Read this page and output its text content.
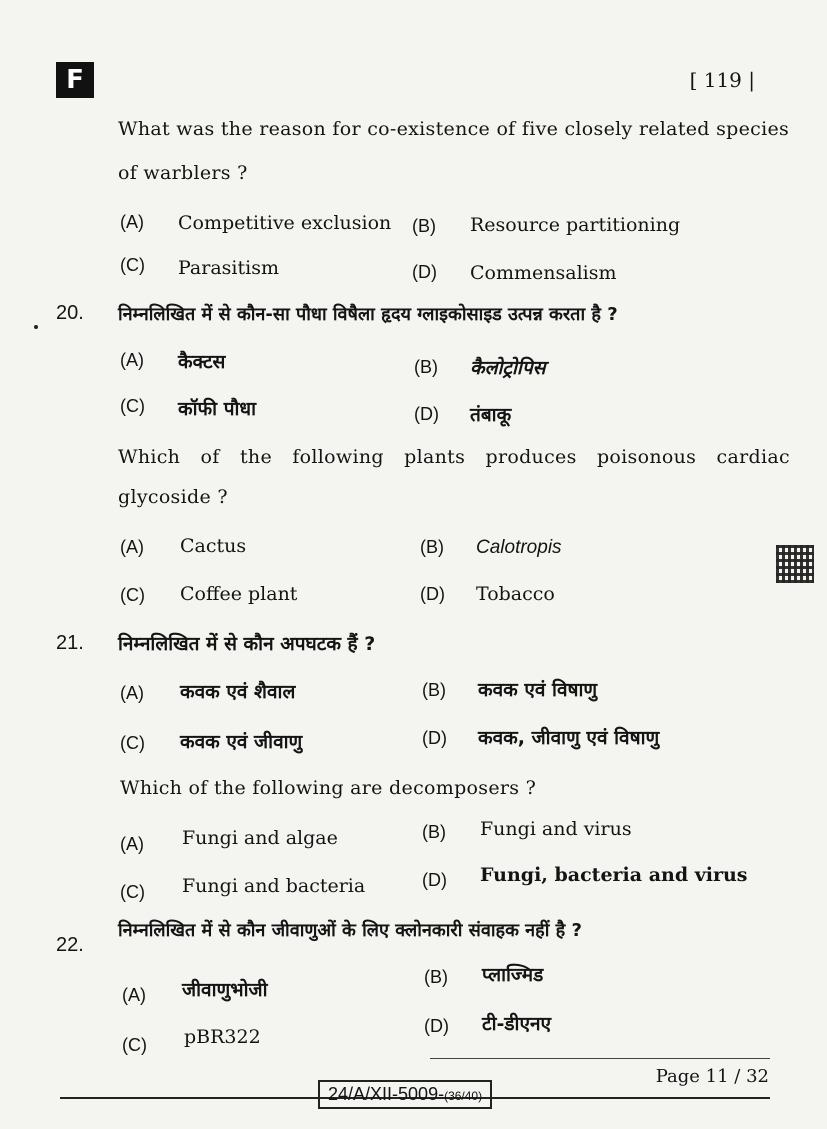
F	[ 119 |
What was the reason for co-existence of five closely related species
of warblers ?
(A) Competitive exclusion (B) Resource partitioning
(C) Parasitism	(D) Commensalism
20. निम्नलिखित में से कौन-सा पौधा विषैला हृदय ग्लाइकोसाइड उत्पन्न करता है ?
(A) कैक्टस	(B) कैलोट्रोपिस
(C) कॉफी पौधा	(D) तंबाकू
Which of the following plants produces poisonous cardiac
glycoside ?
(A) Cactus	(B) Calotropis
(C) Coffee plant	(D) Tobacco
21. निम्नलिखित में से कौन अपघटक हैं ?
(A) कवक एवं शैवाल	(B) कवक एवं विषाणु
(C) कवक एवं जीवाणु	(D) कवक, जीवाणु एवं विषाणु
Which of the following are decomposers ?
(A) Fungi and algae	(B) Fungi and virus
(C) Fungi and bacteria	(D) Fungi, bacteria and virus
22.
निम्नलिखित में से कौन जीवाणुओं के लिए क्लोनकारी संवाहक नहीं है ?
(A) जीवाणुभोजी
(B) प्लाज्मिड
(C) pBR322	(D) टी-डीएनए
24/A/XII-5009-(36/40)
Page 11 / 32
